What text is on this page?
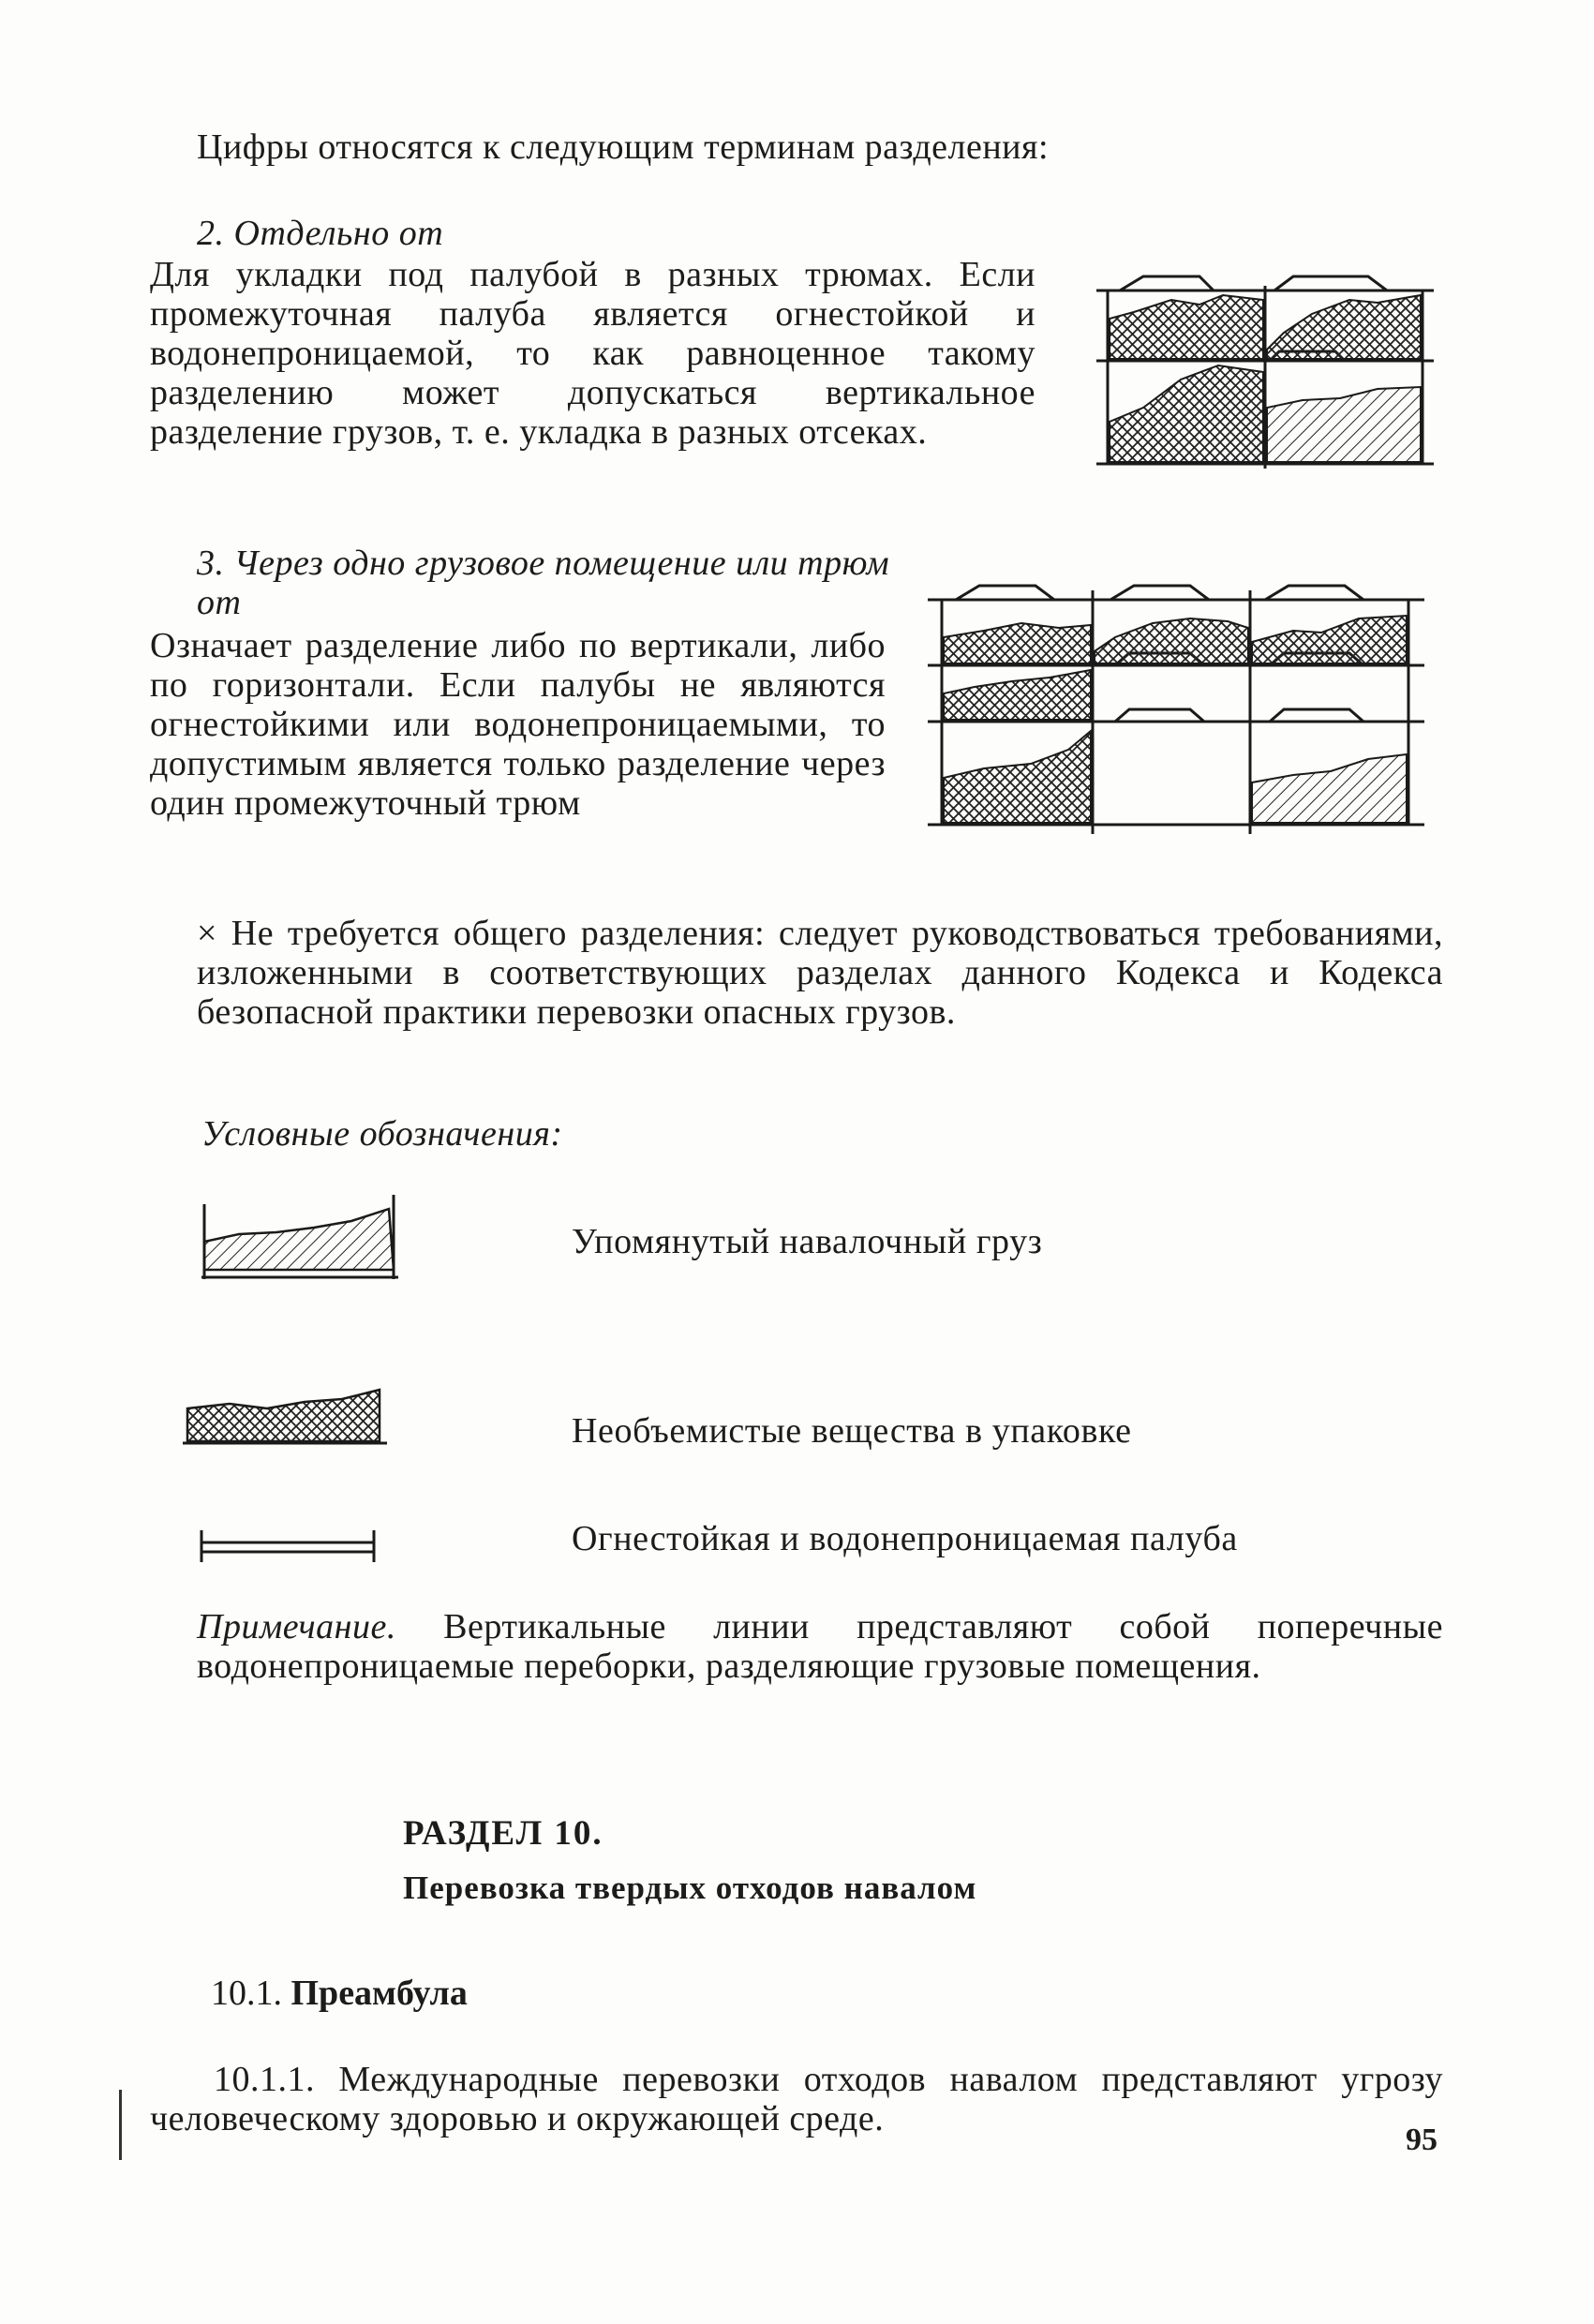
Цифры относятся к следующим терминам разделения:
2. Отдельно от
Для укладки под палубой в разных трюмах. Если промежуточная палуба является огнестойкой и водонепроницаемой, то как равноценное такому разделению может допускаться вертикальное разделение грузов, т. е. укладка в разных отсеках.
3. Через одно грузовое помещение или трюм от
Означает разделение либо по вертикали, либо по горизонтали. Если палубы не являются огнестойкими или водонепроницаемыми, то допустимым является только разделение через один промежуточный трюм
× Не требуется общего разделения: следует руководствоваться требованиями, изложенными в соответствующих разделах данного Кодекса и Кодекса безопасной практики перевозки опасных грузов.
Условные обозначения:
Упомянутый навалочный груз
Необъемистые вещества в упаковке
Огнестойкая и водонепроницаемая палуба
Примечание. Вертикальные линии представляют собой поперечные водонепроницаемые переборки, разделяющие грузовые помещения.
РАЗДЕЛ 10.
Перевозка твердых отходов навалом
10.1. Преамбула
10.1.1. Международные перевозки отходов навалом представляют угрозу человеческому здоровью и окружающей среде.
95
